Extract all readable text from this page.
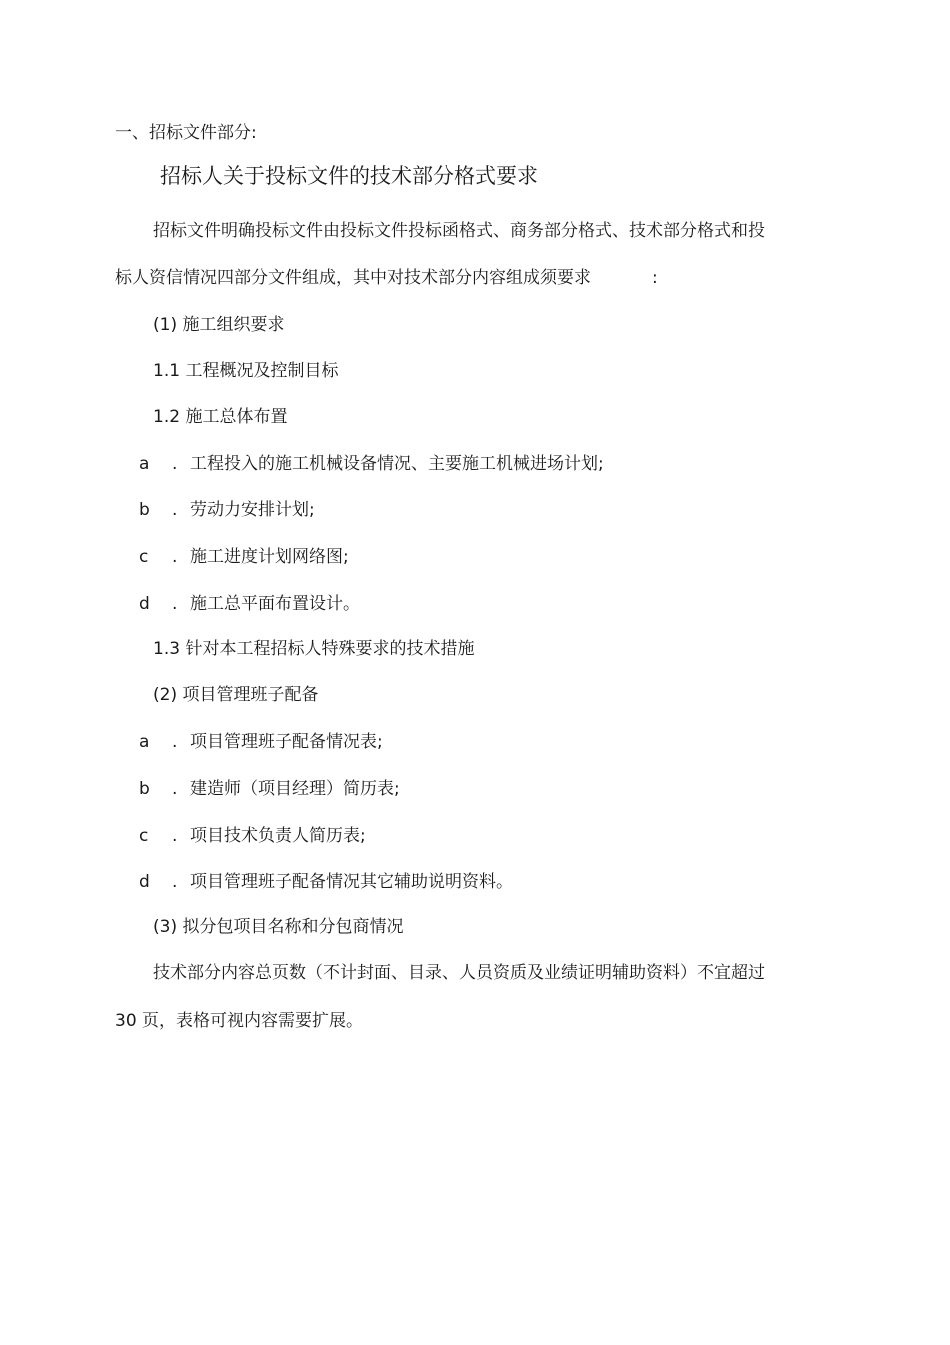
一、招标文件部分:
招标人关于投标文件的技术部分格式要求
招标文件明确投标文件由投标文件投标函格式、商务部分格式、技术部分格式和投
标人资信情况四部分文件组成，其中对技术部分内容组成须要求	:
(1) 施工组织要求
1.1 工程概况及控制目标
1.2 施工总体布置
a . 工程投入的施工机械设备情况、主要施工机械进场计划;
b . 劳动力安排计划;
c . 施工进度计划网络图;
d . 施工总平面布置设计。
1.3 针对本工程招标人特殊要求的技术措施
(2) 项目管理班子配备
a . 项目管理班子配备情况表;
b . 建造师（项目经理）简历表;
c . 项目技术负责人简历表;
d . 项目管理班子配备情况其它辅助说明资料。
(3) 拟分包项目名称和分包商情况
技术部分内容总页数（不计封面、目录、人员资质及业绩证明辅助资料）不宜超过
30 页，表格可视内容需要扩展。
